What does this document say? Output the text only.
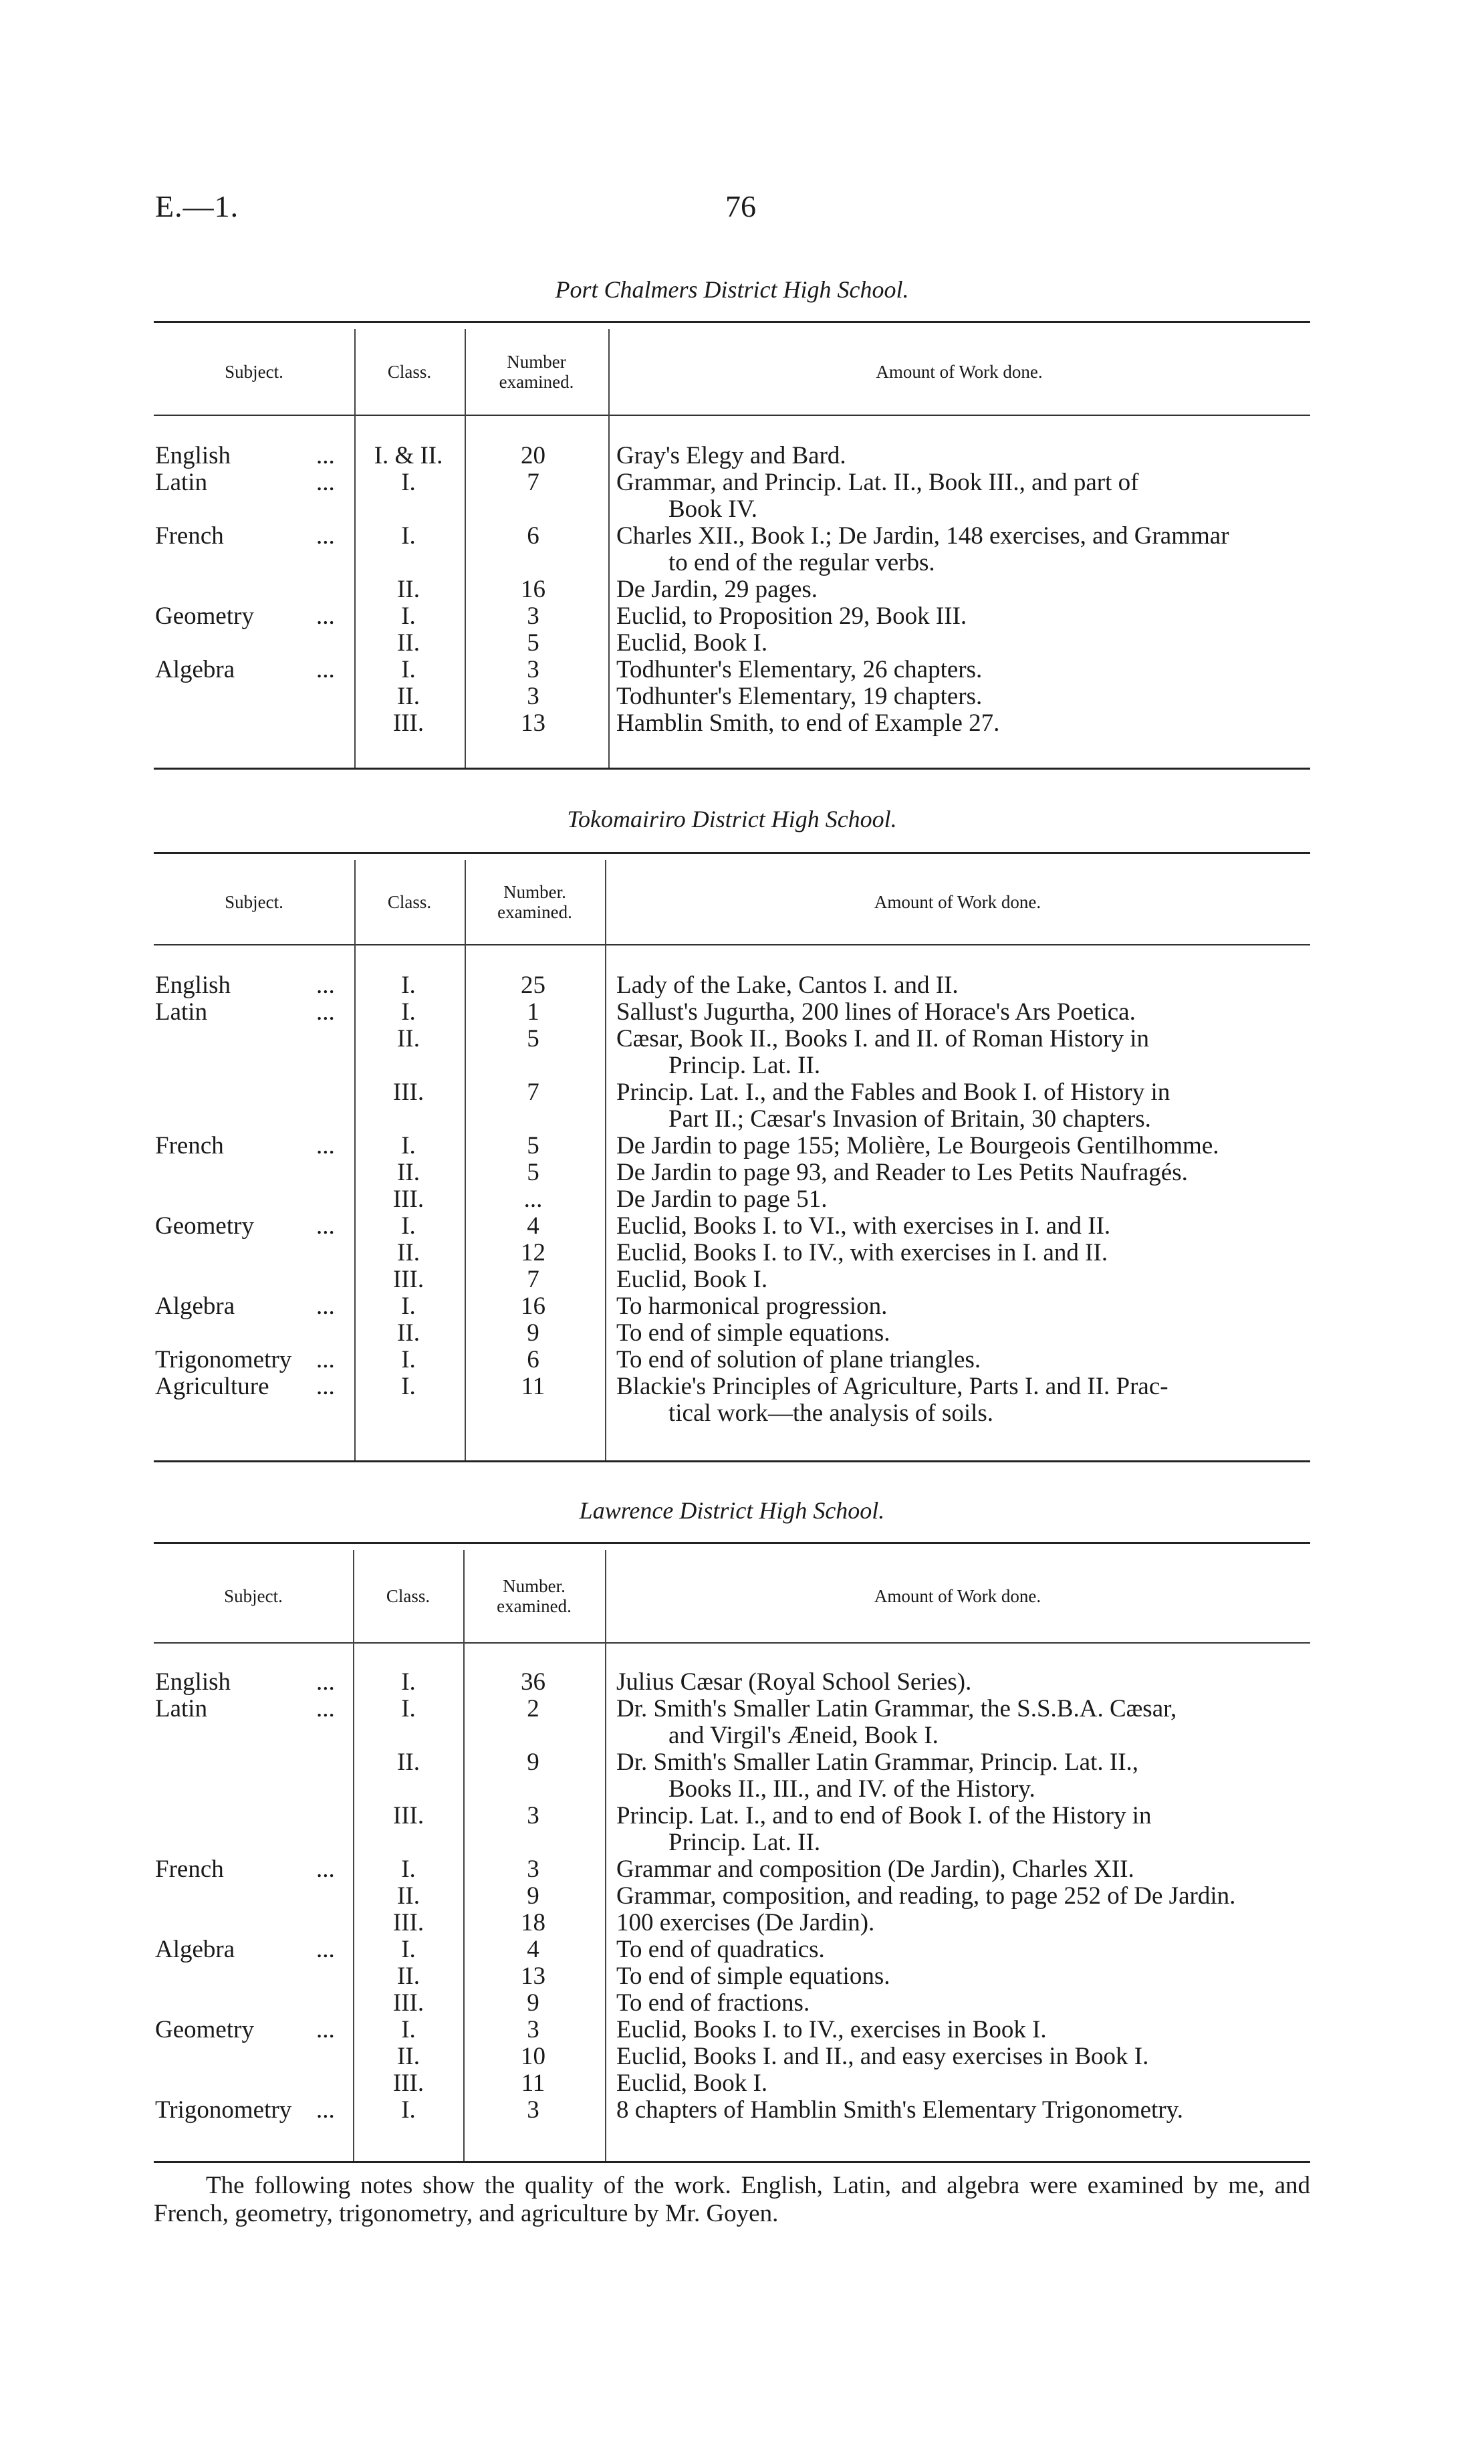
E.—1.	76
Port Chalmers District High School.
Subject.	Class.	Number examined.	Amount of Work done.
English	...	I. & II.	20	Gray's Elegy and Bard.
Latin	...	I.	7	Grammar, and Princip. Lat. II., Book III., and part of
Book IV.
French	...	I.	6	Charles XII., Book I.; De Jardin, 148 exercises, and Grammar
to end of the regular verbs.
II.	16	De Jardin, 29 pages.
Geometry	...	I.	3	Euclid, to Proposition 29, Book III.
II.	5	Euclid, Book I.
Algebra	...	I.	3	Todhunter's Elementary, 26 chapters.
II.	3	Todhunter's Elementary, 19 chapters.
III.	13	Hamblin Smith, to end of Example 27.
Tokomairiro District High School.
Subject.	Class.	Number. examined.	Amount of Work done.
English	...	I.	25	Lady of the Lake, Cantos I. and II.
Latin	...	I.	1	Sallust's Jugurtha, 200 lines of Horace's Ars Poetica.
II.	5	Cæsar, Book II., Books I. and II. of Roman History in
Princip. Lat. II.
III.	7	Princip. Lat. I., and the Fables and Book I. of History in
Part II.; Cæsar's Invasion of Britain, 30 chapters.
French	...	I.	5	De Jardin to page 155; Molière, Le Bourgeois Gentilhomme.
II.	5	De Jardin to page 93, and Reader to Les Petits Naufragés.
III.	...	De Jardin to page 51.
Geometry	...	I.	4	Euclid, Books I. to VI., with exercises in I. and II.
II.	12	Euclid, Books I. to IV., with exercises in I. and II.
III.	7	Euclid, Book I.
Algebra	...	I.	16	To harmonical progression.
II.	9	To end of simple equations.
Trigonometry ...	I.	6	To end of solution of plane triangles.
Agriculture	...	I.	11	Blackie's Principles of Agriculture, Parts I. and II. Prac-
tical work—the analysis of soils.
Lawrence District High School.
Subject.	Class.	Number. examined.	Amount of Work done.
English	...	I.	36	Julius Cæsar (Royal School Series).
Latin	...	I.	2	Dr. Smith's Smaller Latin Grammar, the S.S.B.A. Cæsar,
and Virgil's Æneid, Book I.
II.	9	Dr. Smith's Smaller Latin Grammar, Princip. Lat. II.,
Books II., III., and IV. of the History.
III.	3	Princip. Lat. I., and to end of Book I. of the History in
Princip. Lat. II.
French	...	I.	3	Grammar and composition (De Jardin), Charles XII.
II.	9	Grammar, composition, and reading, to page 252 of De Jardin.
III.	18	100 exercises (De Jardin).
Algebra	...	I.	4	To end of quadratics.
II.	13	To end of simple equations.
III.	9	To end of fractions.
Geometry	...	I.	3	Euclid, Books I. to IV., exercises in Book I.
II.	10	Euclid, Books I. and II., and easy exercises in Book I.
III.	11	Euclid, Book I.
Trigonometry ...	I.	3	8 chapters of Hamblin Smith's Elementary Trigonometry.
The following notes show the quality of the work. English, Latin, and algebra were examined by me, and French, geometry, trigonometry, and agriculture by Mr. Goyen.
